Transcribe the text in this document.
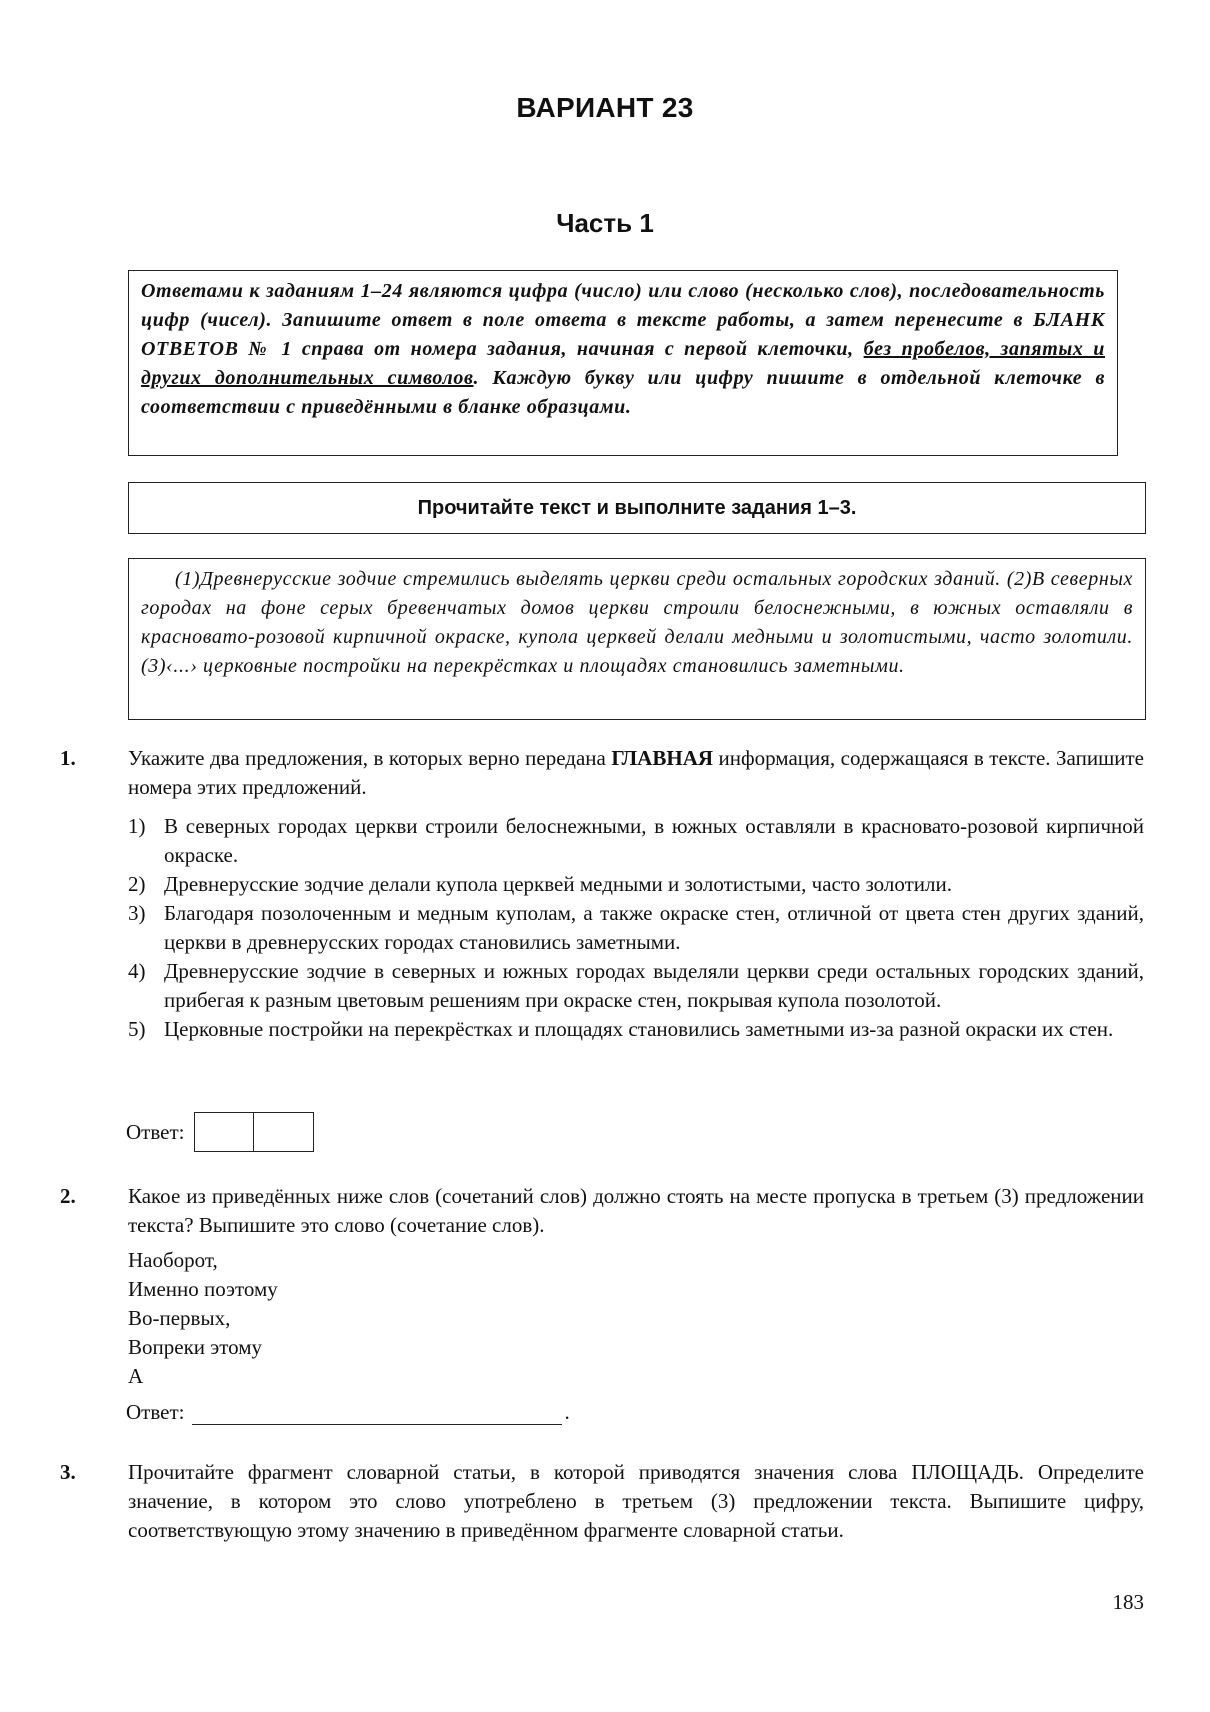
ВАРИАНТ 23
Часть 1
Ответами к заданиям 1–24 являются цифра (число) или слово (несколько слов), последовательность цифр (чисел). Запишите ответ в поле ответа в тексте работы, а затем перенесите в БЛАНК ОТВЕТОВ № 1 справа от номера задания, начиная с первой клеточки, без пробелов, запятых и других дополнительных символов. Каждую букву или цифру пишите в отдельной клеточке в соответствии с приведёнными в бланке образцами.
Прочитайте текст и выполните задания 1–3.
(1)Древнерусские зодчие стремились выделять церкви среди остальных городских зданий. (2)В северных городах на фоне серых бревенчатых домов церкви строили белоснежными, в южных оставляли в красновато-розовой кирпичной окраске, купола церквей делали медными и золотистыми, часто золотили. (3)‹...› церковные постройки на перекрёстках и площадях становились заметными.
1. Укажите два предложения, в которых верно передана ГЛАВНАЯ информация, содержащаяся в тексте. Запишите номера этих предложений.
1) В северных городах церкви строили белоснежными, в южных оставляли в красновато-розовой кирпичной окраске.
2) Древнерусские зодчие делали купола церквей медными и золотистыми, часто золотили.
3) Благодаря позолоченным и медным куполам, а также окраске стен, отличной от цвета стен других зданий, церкви в древнерусских городах становились заметными.
4) Древнерусские зодчие в северных и южных городах выделяли церкви среди остальных городских зданий, прибегая к разным цветовым решениям при окраске стен, покрывая купола позолотой.
5) Церковные постройки на перекрёстках и площадях становились заметными из-за разной окраски их стен.
Ответ:
2. Какое из приведённых ниже слов (сочетаний слов) должно стоять на месте пропуска в третьем (3) предложении текста? Выпишите это слово (сочетание слов).
Наоборот,
Именно поэтому
Во-первых,
Вопреки этому
А
Ответ:	.
3. Прочитайте фрагмент словарной статьи, в которой приводятся значения слова ПЛОЩАДЬ. Определите значение, в котором это слово употреблено в третьем (3) предложении текста. Выпишите цифру, соответствующую этому значению в приведённом фрагменте словарной статьи.
183
